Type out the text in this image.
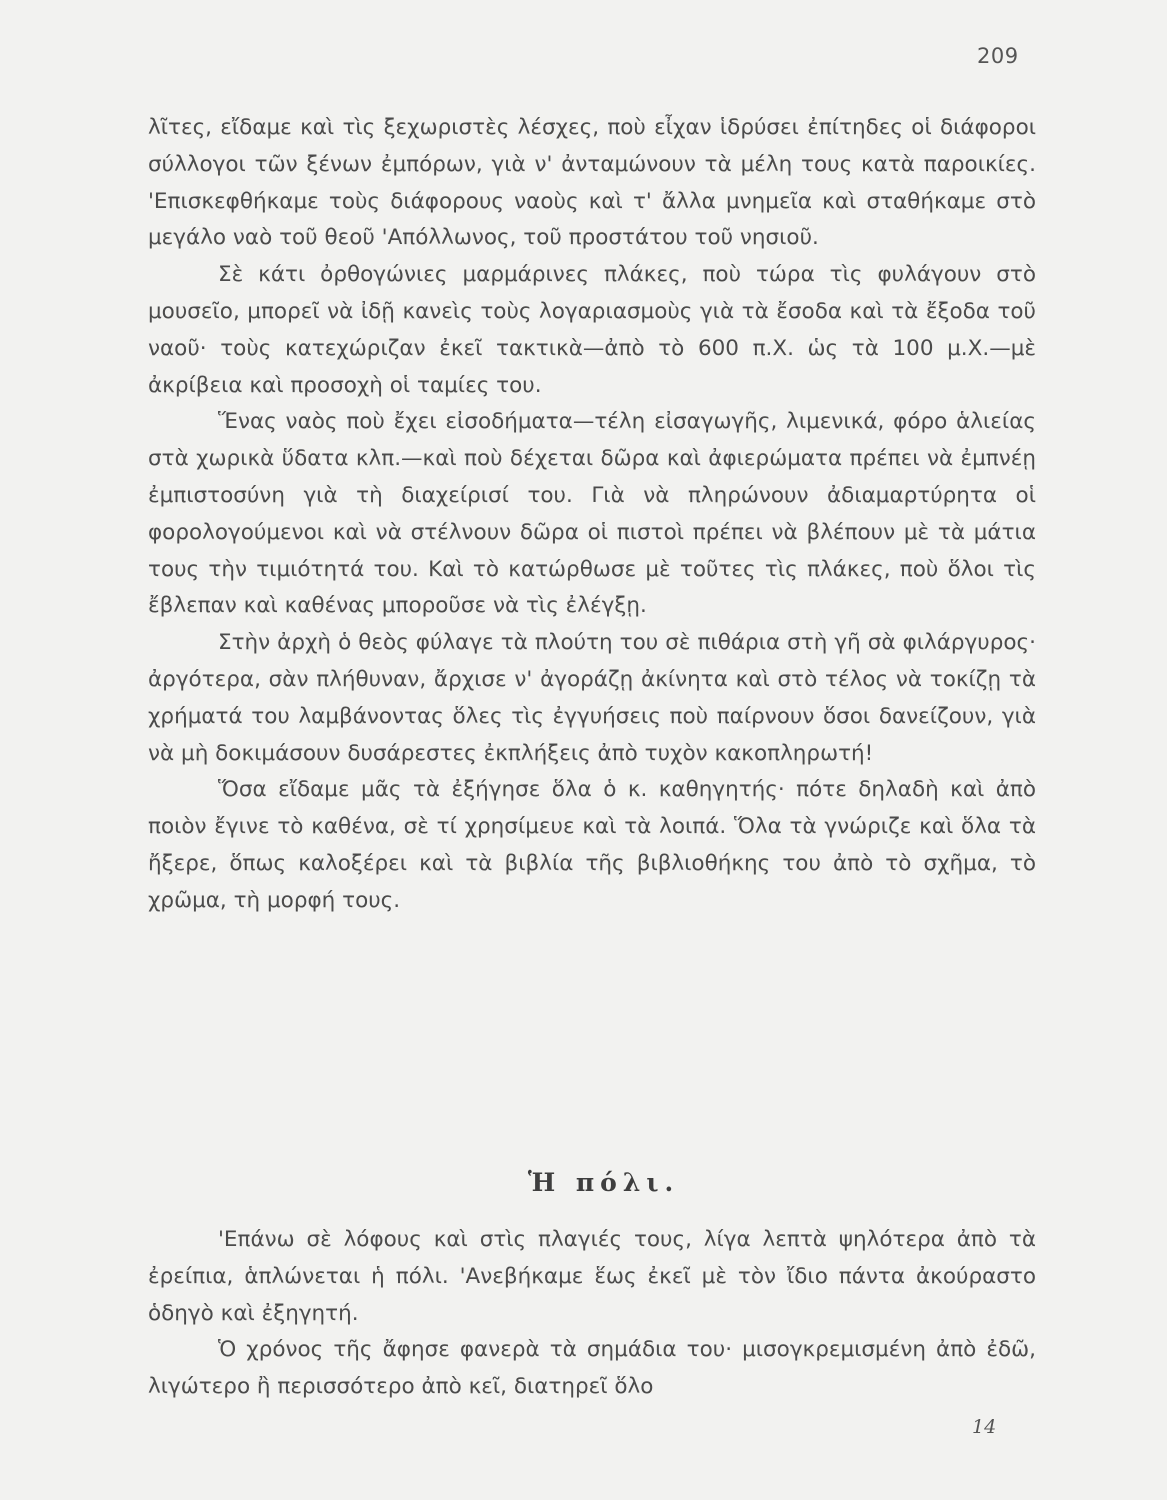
209

λῖτες, εἴδαμε καὶ τὶς ξεχωριστὲς λέσχες, ποὺ εἶχαν ἱδρύσει ἐπίτηδες οἱ διάφοροι σύλλογοι τῶν ξένων ἐμπόρων, γιὰ ν' ἀνταμώνουν τὰ μέλη τους κατὰ παροικίες. 'Επισκεφθήκαμε τοὺς διάφορους ναοὺς καὶ τ' ἄλλα μνημεῖα καὶ σταθήκαμε στὸ μεγάλο ναὸ τοῦ θεοῦ 'Απόλλωνος, τοῦ προστάτου τοῦ νησιοῦ.

Σὲ κάτι ὀρθογώνιες μαρμάρινες πλάκες, ποὺ τώρα τὶς φυλάγουν στὸ μουσεῖο, μπορεῖ νὰ ἰδῇ κανεὶς τοὺς λογαριασμοὺς γιὰ τὰ ἔσοδα καὶ τὰ ἔξοδα τοῦ ναοῦ· τοὺς κατεχώριζαν ἐκεῖ τακτικὰ—ἀπὸ τὸ 600 π.Χ. ὡς τὰ 100 μ.Χ.—μὲ ἀκρίβεια καὶ προσοχὴ οἱ ταμίες του.

Ἕνας ναὸς ποὺ ἔχει εἰσοδήματα—τέλη εἰσαγωγῆς, λιμενικά, φόρο ἁλιείας στὰ χωρικὰ ὕδατα κλπ.—καὶ ποὺ δέχεται δῶρα καὶ ἀφιερώματα πρέπει νὰ ἐμπνέῃ ἐμπιστοσύνη γιὰ τὴ διαχείρισί του. Γιὰ νὰ πληρώνουν ἀδιαμαρτύρητα οἱ φορολογούμενοι καὶ νὰ στέλνουν δῶρα οἱ πιστοὶ πρέπει νὰ βλέπουν μὲ τὰ μάτια τους τὴν τιμιότητά του. Καὶ τὸ κατώρθωσε μὲ τοῦτες τὶς πλάκες, ποὺ ὅλοι τὶς ἔβλεπαν καὶ καθένας μποροῦσε νὰ τὶς ἐλέγξῃ.

Στὴν ἀρχὴ ὁ θεὸς φύλαγε τὰ πλούτη του σὲ πιθάρια στὴ γῆ σὰ φιλάργυρος· ἀργότερα, σὰν πλήθυναν, ἄρχισε ν' ἀγοράζῃ ἀκίνητα καὶ στὸ τέλος νὰ τοκίζῃ τὰ χρήματά του λαμβάνοντας ὅλες τὶς ἐγγυήσεις ποὺ παίρνουν ὅσοι δανείζουν, γιὰ νὰ μὴ δοκιμάσουν δυσάρεστες ἐκπλήξεις ἀπὸ τυχὸν κακοπληρωτή!

Ὅσα εἴδαμε μᾶς τὰ ἐξήγησε ὅλα ὁ κ. καθηγητής· πότε δηλαδὴ καὶ ἀπὸ ποιὸν ἔγινε τὸ καθένα, σὲ τί χρησίμευε καὶ τὰ λοιπά. Ὅλα τὰ γνώριζε καὶ ὅλα τὰ ἤξερε, ὅπως καλοξέρει καὶ τὰ βιβλία τῆς βιβλιοθήκης του ἀπὸ τὸ σχῆμα, τὸ χρῶμα, τὴ μορφή τους.

Ἡ πόλι.

'Επάνω σὲ λόφους καὶ στὶς πλαγιές τους, λίγα λεπτὰ ψηλότερα ἀπὸ τὰ ἐρείπια, ἁπλώνεται ἡ πόλι. 'Ανεβήκαμε ἕως ἐκεῖ μὲ τὸν ἴδιο πάντα ἀκούραστο ὁδηγὸ καὶ ἐξηγητή.

Ὁ χρόνος τῆς ἄφησε φανερὰ τὰ σημάδια του· μισογκρεμισμένη ἀπὸ ἐδῶ, λιγώτερο ἢ περισσότερο ἀπὸ κεῖ, διατηρεῖ ὅλο

14
